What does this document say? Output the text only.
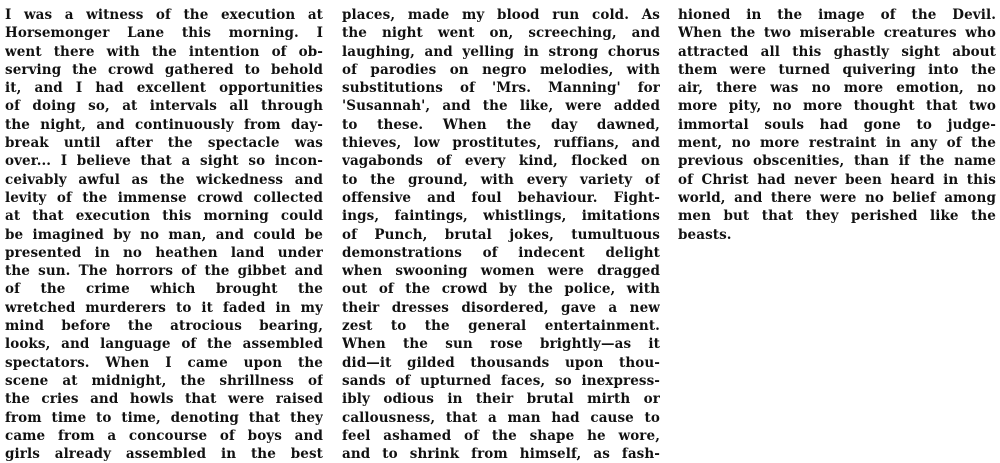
I was a witness of the execution at
Horsemonger Lane this morning. I
went there with the intention of ob-
serving the crowd gathered to behold
it, and I had excellent opportunities
of doing so, at intervals all through
the night, and continuously from day-
break until after the spectacle was
over... I believe that a sight so incon-
ceivably awful as the wickedness and
levity of the immense crowd collected
at that execution this morning could
be imagined by no man, and could be
presented in no heathen land under
the sun. The horrors of the gibbet and
of the crime which brought the
wretched murderers to it faded in my
mind before the atrocious bearing,
looks, and language of the assembled
spectators. When I came upon the
scene at midnight, the shrillness of
the cries and howls that were raised
from time to time, denoting that they
came from a concourse of boys and
girls already assembled in the best
places, made my blood run cold. As
the night went on, screeching, and
laughing, and yelling in strong chorus
of parodies on negro melodies, with
substitutions of 'Mrs. Manning' for
'Susannah', and the like, were added
to these. When the day dawned,
thieves, low prostitutes, ruffians, and
vagabonds of every kind, flocked on
to the ground, with every variety of
offensive and foul behaviour. Fight-
ings, faintings, whistlings, imitations
of Punch, brutal jokes, tumultuous
demonstrations of indecent delight
when swooning women were dragged
out of the crowd by the police, with
their dresses disordered, gave a new
zest to the general entertainment.
When the sun rose brightly—as it
did—it gilded thousands upon thou-
sands of upturned faces, so inexpress-
ibly odious in their brutal mirth or
callousness, that a man had cause to
feel ashamed of the shape he wore,
and to shrink from himself, as fash-
hioned in the image of the Devil.
When the two miserable creatures who
attracted all this ghastly sight about
them were turned quivering into the
air, there was no more emotion, no
more pity, no more thought that two
immortal souls had gone to judge-
ment, no more restraint in any of the
previous obscenities, than if the name
of Christ had never been heard in this
world, and there were no belief among
men but that they perished like the
beasts.
